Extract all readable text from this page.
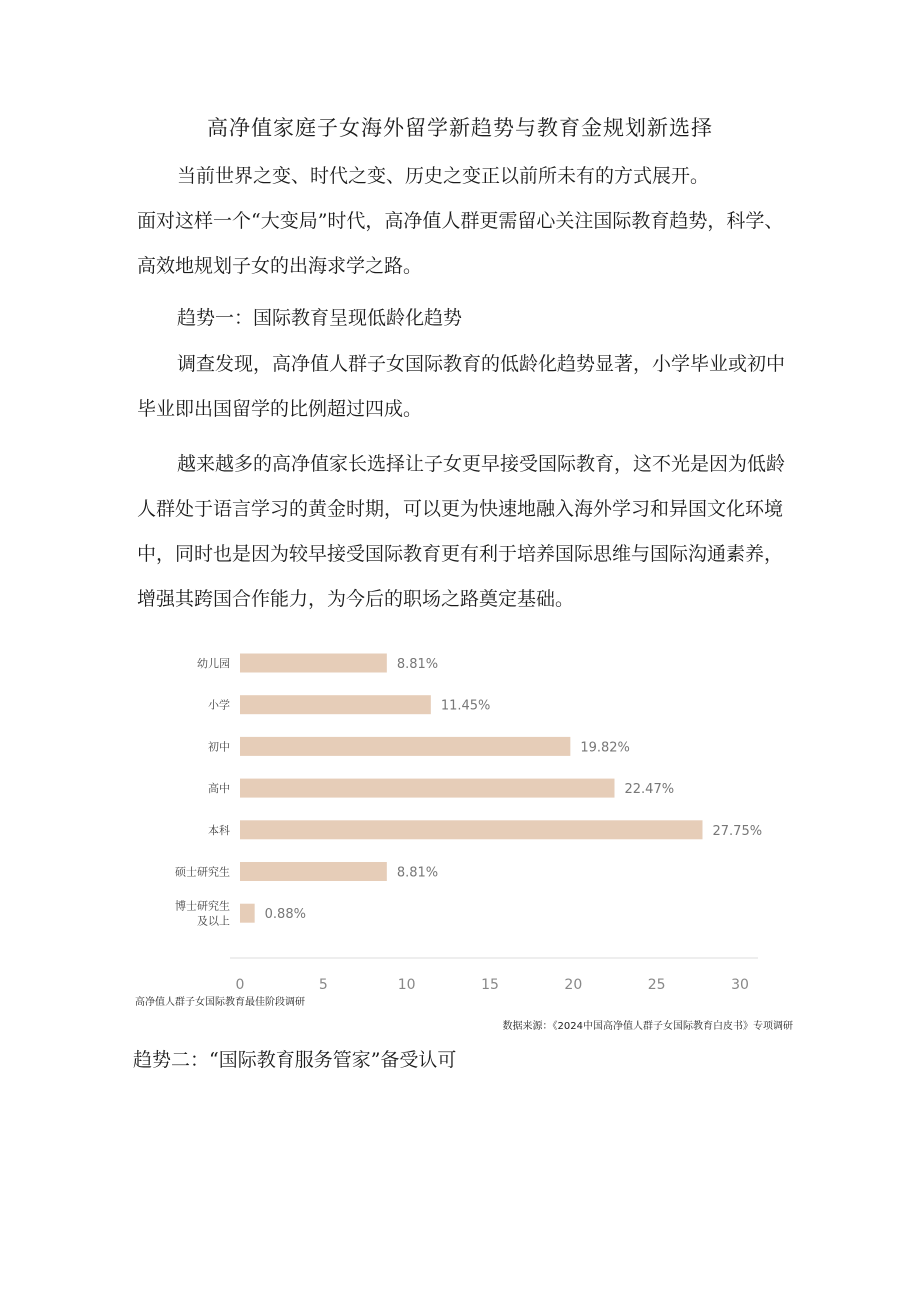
高净值家庭子女海外留学新趋势与教育金规划新选择

当前世界之变、时代之变、历史之变正以前所未有的方式展开。

面对这样一个“大变局”时代，高净值人群更需留心关注国际教育趋势，科学、高效地规划子女的出海求学之路。

趋势一：国际教育呈现低龄化趋势

调查发现，高净值人群子女国际教育的低龄化趋势显著，小学毕业或初中毕业即出国留学的比例超过四成。

越来越多的高净值家长选择让子女更早接受国际教育，这不光是因为低龄人群处于语言学习的黄金时期，可以更为快速地融入海外学习和异国文化环境中，同时也是因为较早接受国际教育更有利于培养国际思维与国际沟通素养，增强其跨国合作能力，为今后的职场之路奠定基础。

幼儿园	8.81%
小学	11.45%
初中	19.82%
高中	22.47%
本科	27.75%
硕士研究生	8.81%
博士研究生及以上	0.88%
0	5	10	15	20	25	30
高净值人群子女国际教育最佳阶段调研
数据来源：《2024中国高净值人群子女国际教育白皮书》专项调研

趋势二：“国际教育服务管家”备受认可
